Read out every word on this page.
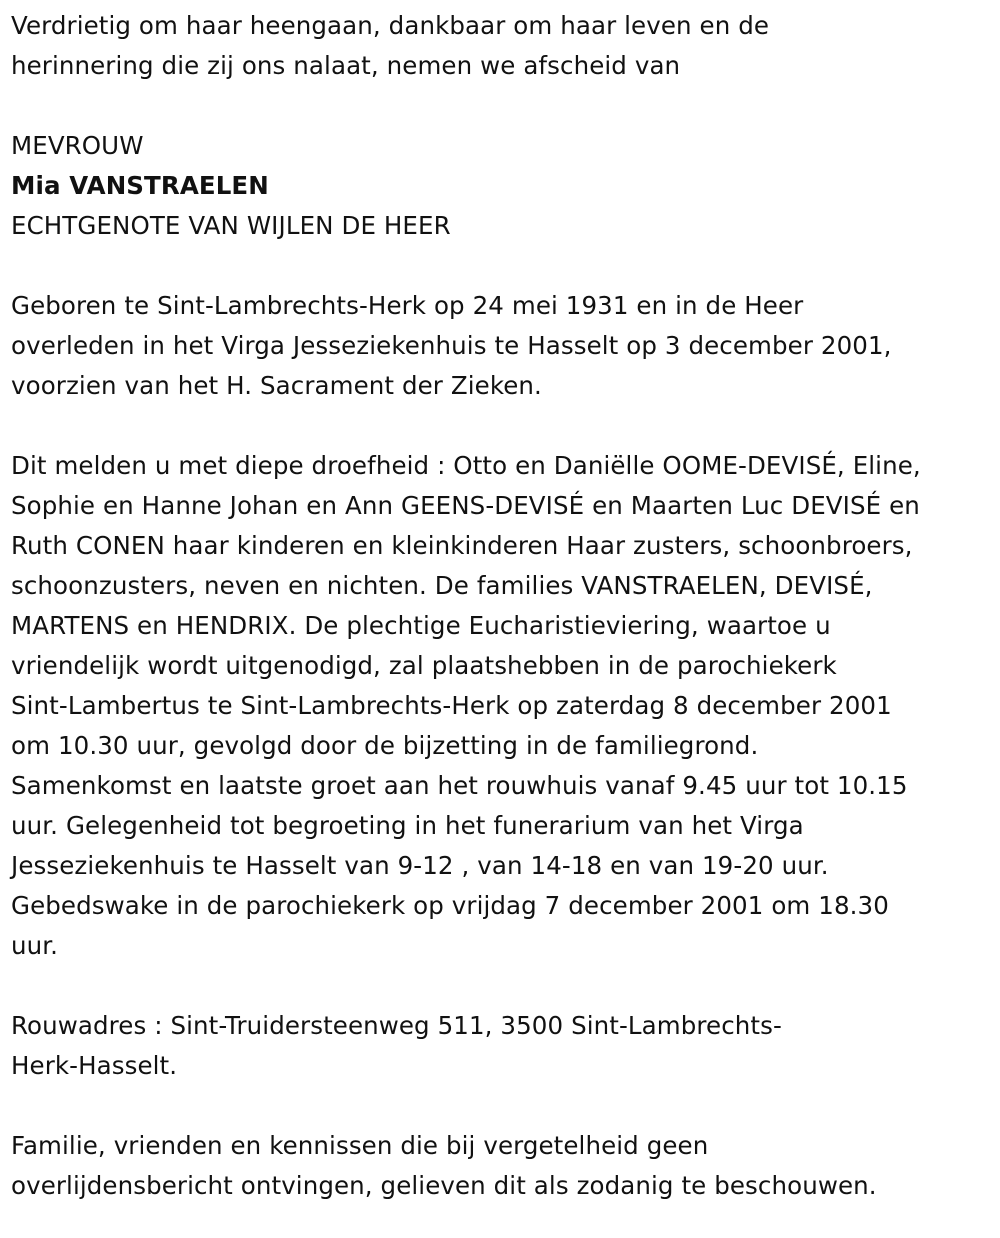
Verdrietig om haar heengaan, dankbaar om haar leven en de

herinnering die zij ons nalaat, nemen we afscheid van

MEVROUW

Mia VANSTRAELEN

ECHTGENOTE VAN WIJLEN DE HEER

Geboren te Sint-Lambrechts-Herk op 24 mei 1931 en in de Heer

overleden in het Virga Jesseziekenhuis te Hasselt op 3 december 2001,

voorzien van het H. Sacrament der Zieken.

Dit melden u met diepe droefheid : Otto en Daniëlle OOME-DEVISÉ, Eline,

Sophie en Hanne Johan en Ann GEENS-DEVISÉ en Maarten Luc DEVISÉ en

Ruth CONEN haar kinderen en kleinkinderen Haar zusters, schoonbroers,

schoonzusters, neven en nichten. De families VANSTRAELEN, DEVISÉ,

MARTENS en HENDRIX. De plechtige Eucharistieviering, waartoe u

vriendelijk wordt uitgenodigd, zal plaatshebben in de parochiekerk

Sint-Lambertus te Sint-Lambrechts-Herk op zaterdag 8 december 2001

om 10.30 uur, gevolgd door de bijzetting in de familiegrond.

Samenkomst en laatste groet aan het rouwhuis vanaf 9.45 uur tot 10.15

uur. Gelegenheid tot begroeting in het funerarium van het Virga

Jesseziekenhuis te Hasselt van 9-12 , van 14-18 en van 19-20 uur.

Gebedswake in de parochiekerk op vrijdag 7 december 2001 om 18.30

uur.

Rouwadres : Sint-Truidersteenweg 511, 3500 Sint-Lambrechts-

Herk-Hasselt.

Familie, vrienden en kennissen die bij vergetelheid geen

overlijdensbericht ontvingen, gelieven dit als zodanig te beschouwen.
